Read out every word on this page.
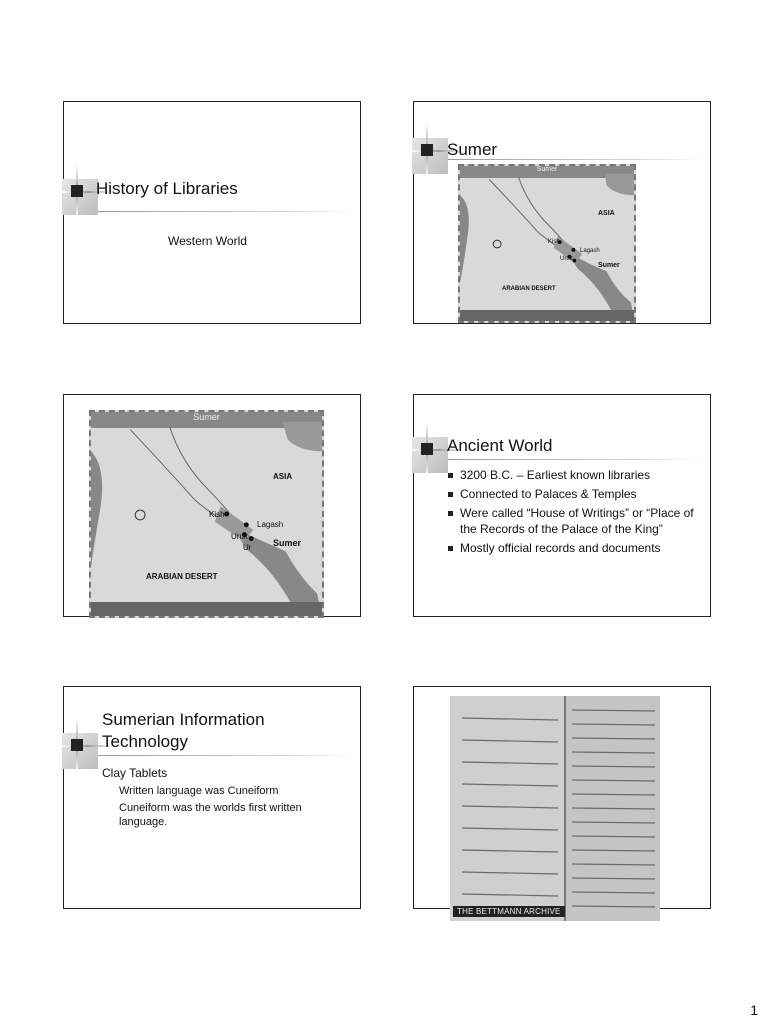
History of Libraries
Western World
Sumer
Sumer
ASIA
ARABIAN DESERT
Kish
Lagash
Uruk
Sumer
Sumer
ASIA
ARABIAN DESERT
Kish
Lagash
Uruk
Ur Sumer
Ancient World
3200 B.C. – Earliest known libraries
Connected to Palaces & Temples
Were called “House of Writings” or “Place of the Records of the Palace of the King”
Mostly official records and documents
Sumerian Information
Technology
Clay Tablets
Written language was Cuneiform
Cuneiform was the worlds first written language.
THE BETTMANN ARCHIVE
1
